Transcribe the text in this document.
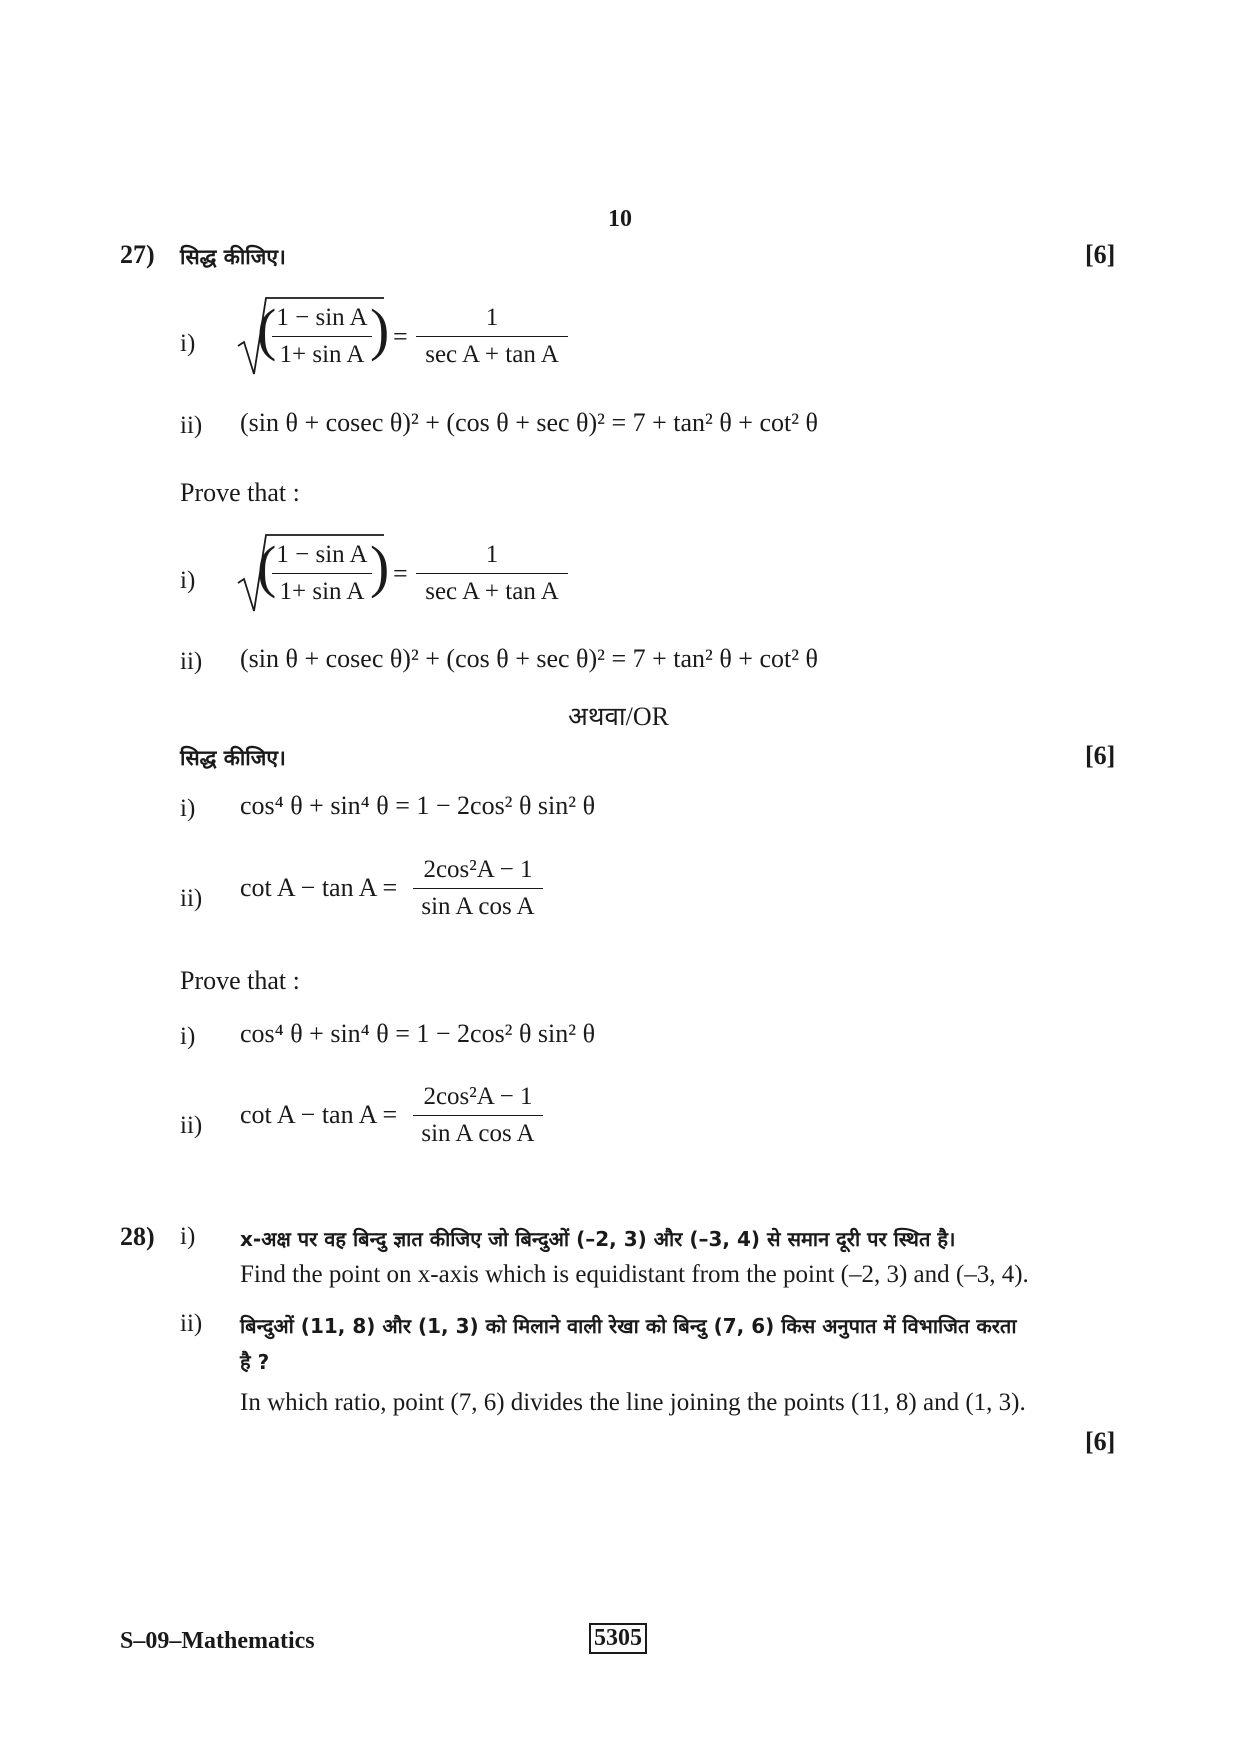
10
27) सिद्ध कीजिए।	[6]
i) ( 1 − sin A
1+ sin A ) =
1
sec A + tan A
ii) (sin θ + cosec θ)² + (cos θ + sec θ)² = 7 + tan² θ + cot² θ
Prove that :
i) ( 1 − sin A
1+ sin A ) =
1
sec A + tan A
ii) (sin θ + cosec θ)² + (cos θ + sec θ)² = 7 + tan² θ + cot² θ
अथवा/OR
सिद्ध कीजिए।	[6]
i) cos⁴ θ + sin⁴ θ = 1 − 2cos² θ sin² θ
ii) cot A − tan A =
2cos²A − 1
sin A cos A
Prove that :
i) cos⁴ θ + sin⁴ θ = 1 − 2cos² θ sin² θ
ii) cot A − tan A =
2cos²A − 1
sin A cos A
28) i) x-अक्ष पर वह बिन्दु ज्ञात कीजिए जो बिन्दुओं (–2, 3) और (–3, 4) से समान दूरी पर स्थित है।
Find the point on x-axis which is equidistant from the point (–2, 3) and (–3, 4).
ii) बिन्दुओं (11, 8) और (1, 3) को मिलाने वाली रेखा को बिन्दु (7, 6) किस अनुपात में विभाजित करता
है ?
In which ratio, point (7, 6) divides the line joining the points (11, 8) and (1, 3).
[6]
S–09–Mathematics	5305
